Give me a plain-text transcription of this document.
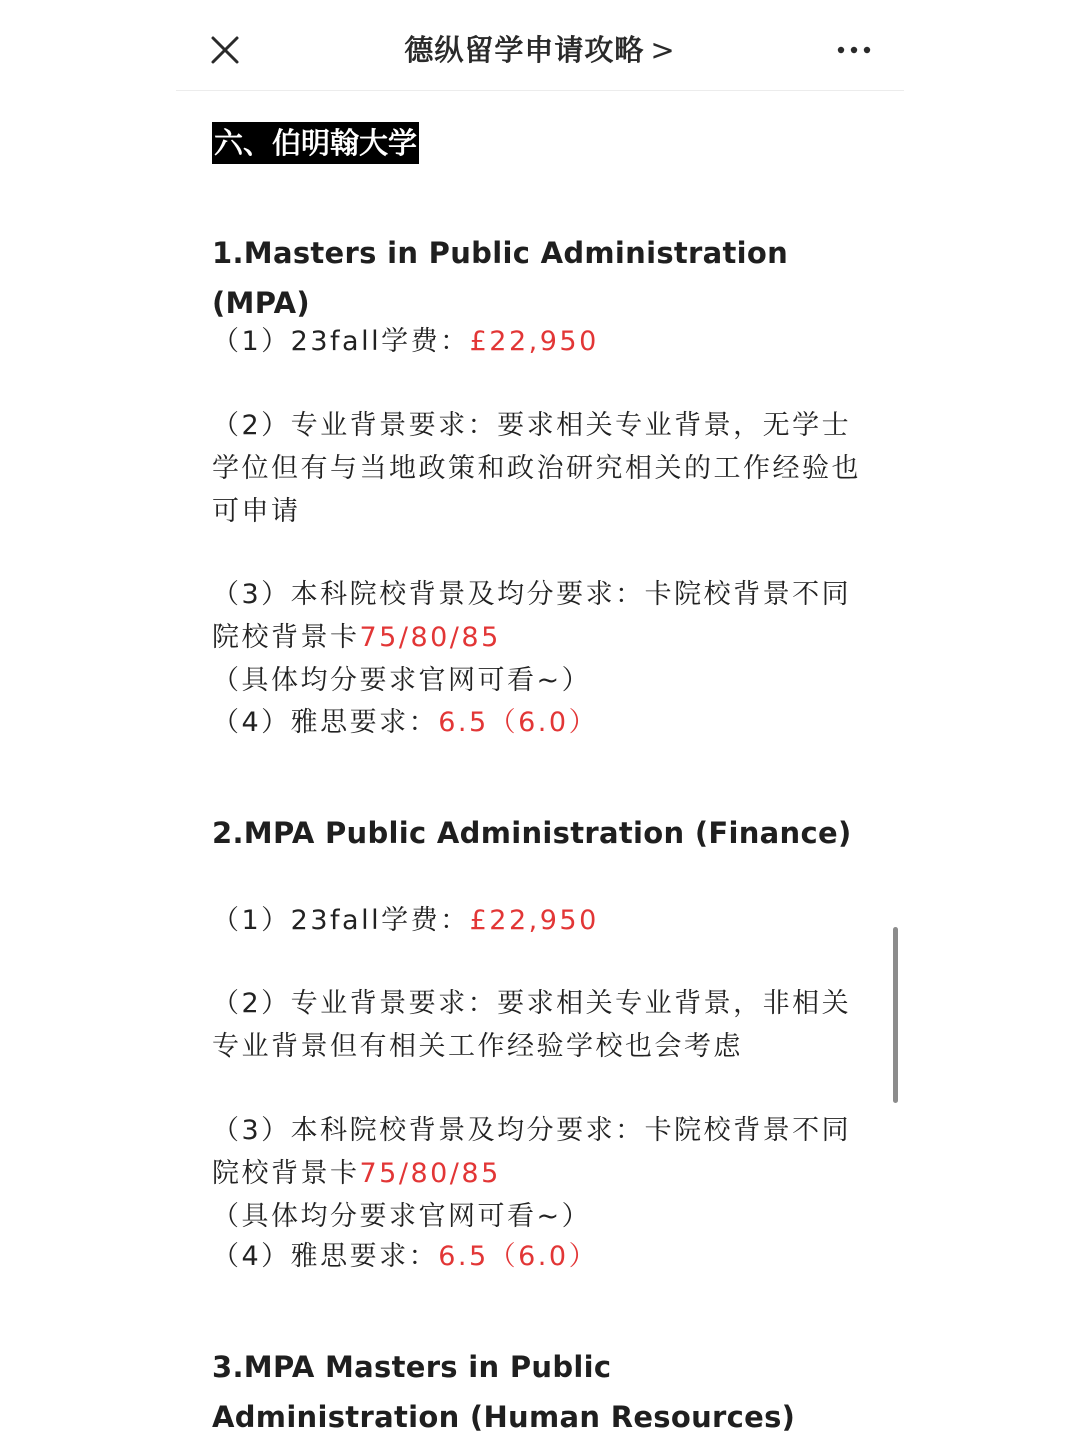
德纵留学申请攻略 >
六、伯明翰大学
1.Masters in Public Administration (MPA)
（1）23fall学费：£22,950
（2）专业背景要求：要求相关专业背景，无学士学位但有与当地政策和政治研究相关的工作经验也可申请
（3）本科院校背景及均分要求：卡院校背景不同院校背景卡75/80/85（具体均分要求官网可看~）
（4）雅思要求：6.5（6.0）
2.MPA Public Administration (Finance)
（1）23fall学费：£22,950
（2）专业背景要求：要求相关专业背景，非相关专业背景但有相关工作经验学校也会考虑
（3）本科院校背景及均分要求：卡院校背景不同院校背景卡75/80/85（具体均分要求官网可看~）
（4）雅思要求：6.5（6.0）
3.MPA Masters in Public Administration (Human Resources)
